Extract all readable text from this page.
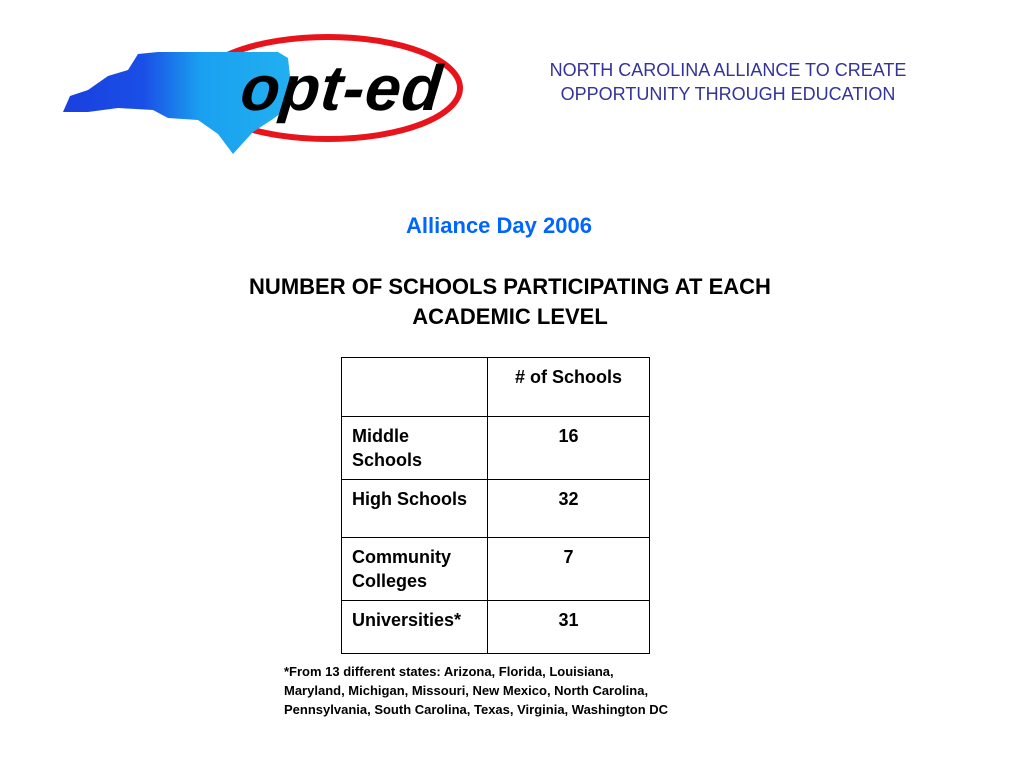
opt-ed	NORTH CAROLINA ALLIANCE TO CREATE
OPPORTUNITY THROUGH EDUCATION
Alliance Day 2006
NUMBER OF SCHOOLS PARTICIPATING AT EACH
ACADEMIC LEVEL
	# of Schools
Middle Schools	16
High Schools	32
Community Colleges	7
Universities*	31
*From 13 different states: Arizona, Florida, Louisiana,
Maryland, Michigan, Missouri, New Mexico, North Carolina,
Pennsylvania, South Carolina, Texas, Virginia, Washington DC
